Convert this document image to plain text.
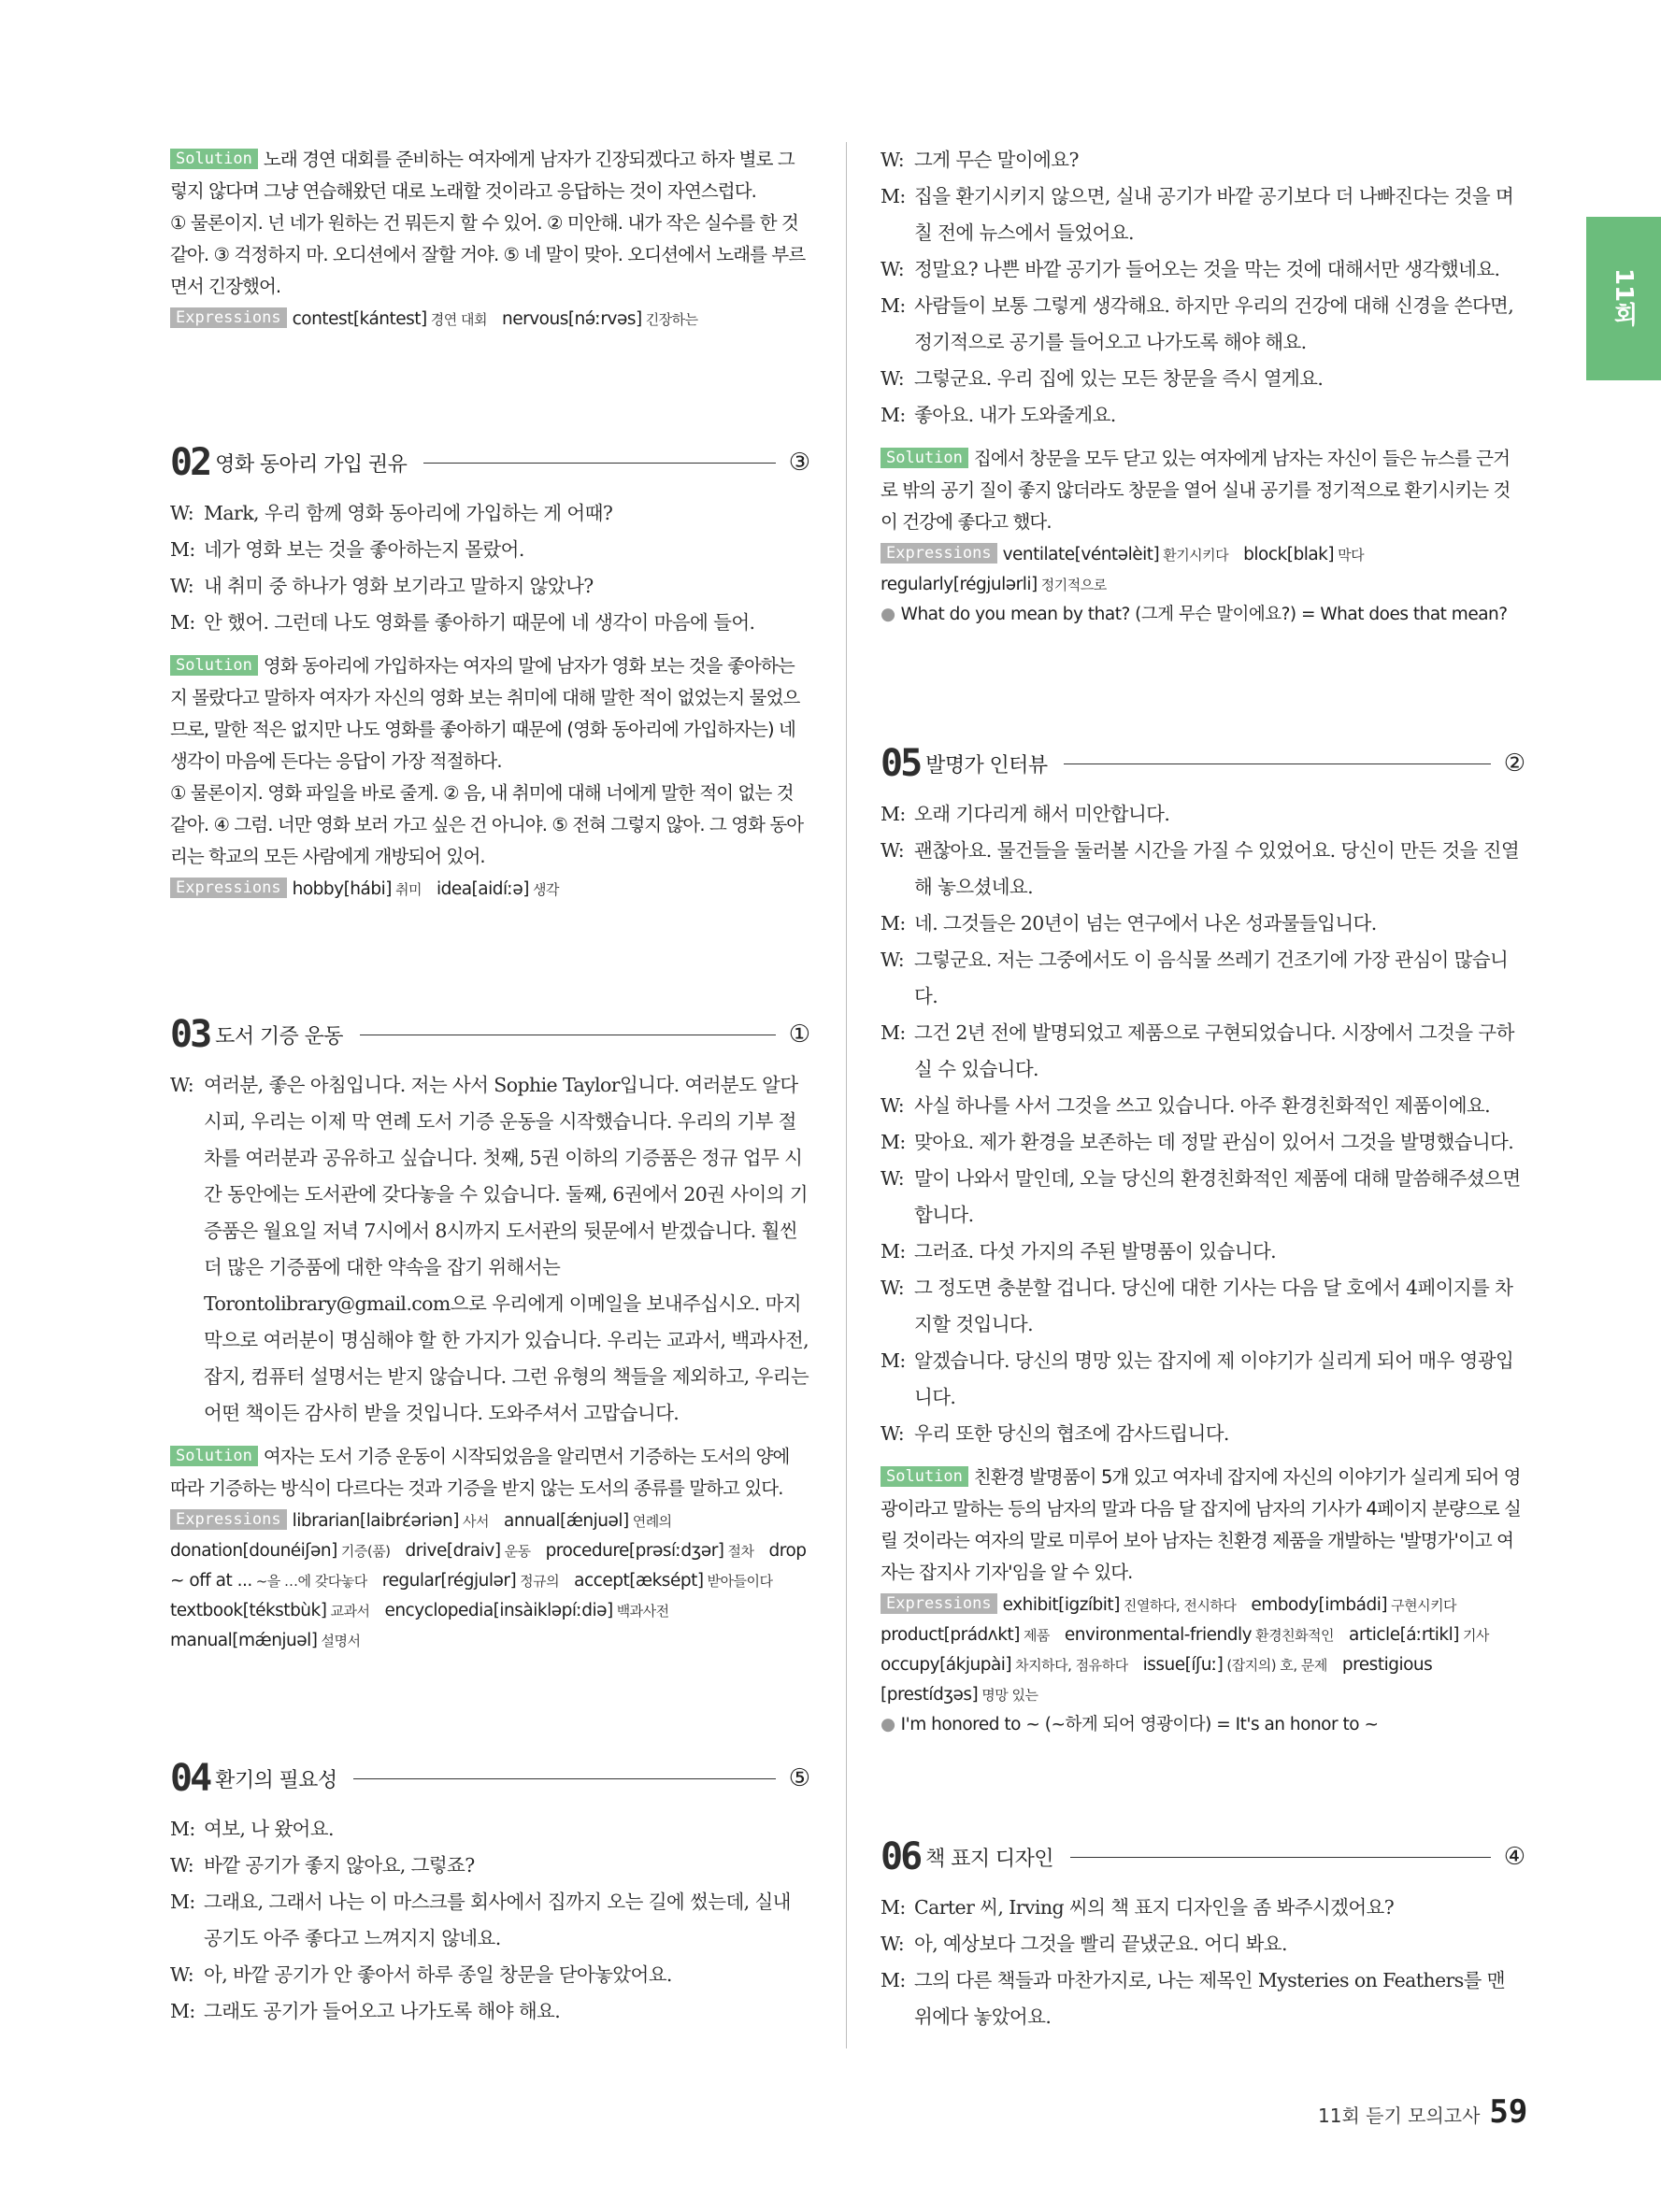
11회

Solution 노래 경연 대회를 준비하는 여자에게 남자가 긴장되겠다고 하자 별로 그렇지 않다며 그냥 연습해왔던 대로 노래할 것이라고 응답하는 것이 자연스럽다.

① 물론이지. 넌 네가 원하는 건 뭐든지 할 수 있어. ② 미안해. 내가 작은 실수를 한 것 같아. ③ 걱정하지 마. 오디션에서 잘할 거야. ⑤ 네 말이 맞아. 오디션에서 노래를 부르면서 긴장했어.

Expressions contest[kántest] 경연 대회 nervous[nə́ːrvəs] 긴장하는

02 영화 동아리 가입 권유	③

W: Mark, 우리 함께 영화 동아리에 가입하는 게 어때?

M: 네가 영화 보는 것을 좋아하는지 몰랐어.

W: 내 취미 중 하나가 영화 보기라고 말하지 않았나?

M: 안 했어. 그런데 나도 영화를 좋아하기 때문에 네 생각이 마음에 들어.

Solution 영화 동아리에 가입하자는 여자의 말에 남자가 영화 보는 것을 좋아하는지 몰랐다고 말하자 여자가 자신의 영화 보는 취미에 대해 말한 적이 없었는지 물었으므로, 말한 적은 없지만 나도 영화를 좋아하기 때문에 (영화 동아리에 가입하자는) 네 생각이 마음에 든다는 응답이 가장 적절하다.

① 물론이지. 영화 파일을 바로 줄게. ② 음, 내 취미에 대해 너에게 말한 적이 없는 것 같아. ④ 그럼. 너만 영화 보러 가고 싶은 건 아니야. ⑤ 전혀 그렇지 않아. 그 영화 동아리는 학교의 모든 사람에게 개방되어 있어.

Expressions hobby[hábi] 취미 idea[aidíːə] 생각

03 도서 기증 운동	①

W: 여러분, 좋은 아침입니다. 저는 사서 Sophie Taylor입니다. 여러분도 알다시피, 우리는 이제 막 연례 도서 기증 운동을 시작했습니다. 우리의 기부 절차를 여러분과 공유하고 싶습니다. 첫째, 5권 이하의 기증품은 정규 업무 시간 동안에는 도서관에 갖다놓을 수 있습니다. 둘째, 6권에서 20권 사이의 기증품은 월요일 저녁 7시에서 8시까지 도서관의 뒷문에서 받겠습니다. 훨씬 더 많은 기증품에 대한 약속을 잡기 위해서는 Torontolibrary@gmail.com으로 우리에게 이메일을 보내주십시오. 마지막으로 여러분이 명심해야 할 한 가지가 있습니다. 우리는 교과서, 백과사전, 잡지, 컴퓨터 설명서는 받지 않습니다. 그런 유형의 책들을 제외하고, 우리는 어떤 책이든 감사히 받을 것입니다. 도와주셔서 고맙습니다.

Solution 여자는 도서 기증 운동이 시작되었음을 알리면서 기증하는 도서의 양에 따라 기증하는 방식이 다르다는 것과 기증을 받지 않는 도서의 종류를 말하고 있다.

Expressions librarian[laibrέəriən] 사서 annual[ǽnjuəl] 연례의donation[dounéiʃən] 기증(품) drive[draiv] 운동 procedure[prəsíːdʒər] 절차 drop ~ off at ... ~을 …에 갖다놓다 regular[régjulər] 정규의 accept[æksépt] 받아들이다textbook[tékstbùk] 교과서 encyclopedia[insàiklәpíːdiə] 백과사전manual[mǽnjuəl] 설명서

04 환기의 필요성	⑤

M: 여보, 나 왔어요.

W: 바깥 공기가 좋지 않아요, 그렇죠?

M: 그래요, 그래서 나는 이 마스크를 회사에서 집까지 오는 길에 썼는데, 실내 공기도 아주 좋다고 느껴지지 않네요.

W: 아, 바깥 공기가 안 좋아서 하루 종일 창문을 닫아놓았어요.

M: 그래도 공기가 들어오고 나가도록 해야 해요.

W: 그게 무슨 말이에요?

M: 집을 환기시키지 않으면, 실내 공기가 바깥 공기보다 더 나빠진다는 것을 며칠 전에 뉴스에서 들었어요.

W: 정말요? 나쁜 바깥 공기가 들어오는 것을 막는 것에 대해서만 생각했네요.

M: 사람들이 보통 그렇게 생각해요. 하지만 우리의 건강에 대해 신경을 쓴다면, 정기적으로 공기를 들어오고 나가도록 해야 해요.

W: 그렇군요. 우리 집에 있는 모든 창문을 즉시 열게요.

M: 좋아요. 내가 도와줄게요.

Solution 집에서 창문을 모두 닫고 있는 여자에게 남자는 자신이 들은 뉴스를 근거로 밖의 공기 질이 좋지 않더라도 창문을 열어 실내 공기를 정기적으로 환기시키는 것이 건강에 좋다고 했다.

Expressions ventilate[véntəlèit] 환기시키다 block[blak] 막다regularly[régjulərli] 정기적으로

● What do you mean by that? (그게 무슨 말이에요?) = What does that mean?

05 발명가 인터뷰	②

M: 오래 기다리게 해서 미안합니다.

W: 괜찮아요. 물건들을 둘러볼 시간을 가질 수 있었어요. 당신이 만든 것을 진열해 놓으셨네요.

M: 네. 그것들은 20년이 넘는 연구에서 나온 성과물들입니다.

W: 그렇군요. 저는 그중에서도 이 음식물 쓰레기 건조기에 가장 관심이 많습니다.

M: 그건 2년 전에 발명되었고 제품으로 구현되었습니다. 시장에서 그것을 구하실 수 있습니다.

W: 사실 하나를 사서 그것을 쓰고 있습니다. 아주 환경친화적인 제품이에요.

M: 맞아요. 제가 환경을 보존하는 데 정말 관심이 있어서 그것을 발명했습니다.

W: 말이 나와서 말인데, 오늘 당신의 환경친화적인 제품에 대해 말씀해주셨으면 합니다.

M: 그러죠. 다섯 가지의 주된 발명품이 있습니다.

W: 그 정도면 충분할 겁니다. 당신에 대한 기사는 다음 달 호에서 4페이지를 차지할 것입니다.

M: 알겠습니다. 당신의 명망 있는 잡지에 제 이야기가 실리게 되어 매우 영광입니다.

W: 우리 또한 당신의 협조에 감사드립니다.

Solution 친환경 발명품이 5개 있고 여자네 잡지에 자신의 이야기가 실리게 되어 영광이라고 말하는 등의 남자의 말과 다음 달 잡지에 남자의 기사가 4페이지 분량으로 실릴 것이라는 여자의 말로 미루어 보아 남자는 친환경 제품을 개발하는 '발명가'이고 여자는 잡지사 기자'임을 알 수 있다.

Expressions exhibit[igzíbit] 진열하다, 전시하다 embody[imbádi] 구현시키다product[prádʌkt] 제품 environmental-friendly 환경친화적인 article[áːrtikl] 기사occupy[ákjupài] 차지하다, 점유하다 issue[íʃuː] (잡지의) 호, 문제 prestigious [prestídʒəs] 명망 있는

● I'm honored to ~ (~하게 되어 영광이다) = It's an honor to ~

06 책 표지 디자인	④

M: Carter 씨, Irving 씨의 책 표지 디자인을 좀 봐주시겠어요?

W: 아, 예상보다 그것을 빨리 끝냈군요. 어디 봐요.

M: 그의 다른 책들과 마찬가지로, 나는 제목인 Mysteries on Feathers를 맨 위에다 놓았어요.

11회 듣기 모의고사 59
